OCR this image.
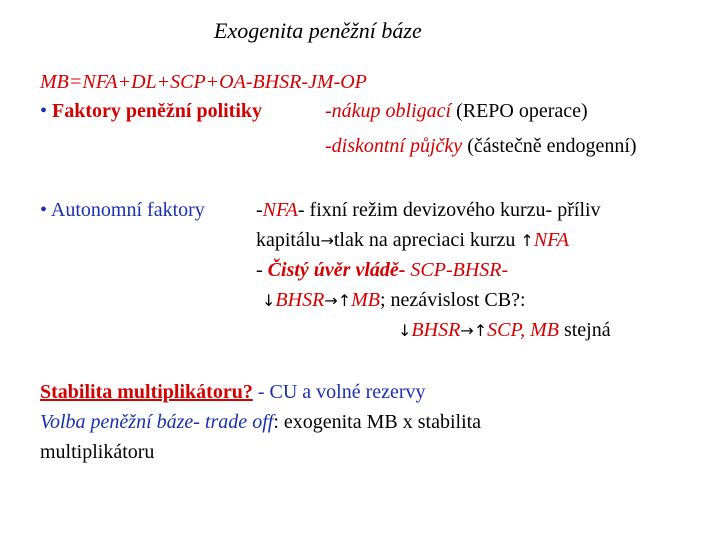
Exogenita peněžní báze
MB=NFA+DL+SCP+OA-BHSR-JM-OP
• Faktory peněžní politiky	-nákup obligací (REPO operace)
-diskontní půjčky (částečně endogenní)
• Autonomní faktory	-NFA- fixní režim devizového kurzu- příliv
kapitálu→tlak na apreciaci kurzu ↑NFA
- Čistý úvěr vládě- SCP-BHSR-
↓BHSR→↑MB; nezávislost CB?:
↓BHSR→↑SCP, MB stejná
Stabilita multiplikátoru? - CU a volné rezervy
Volba peněžní báze- trade off: exogenita MB x stabilita
multiplikátoru
